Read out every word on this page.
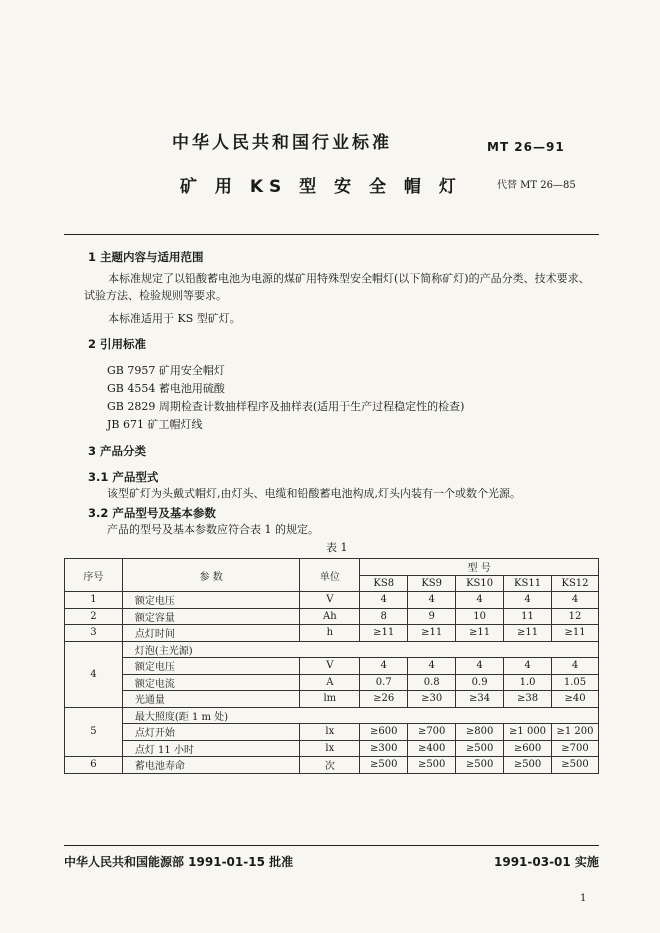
中华人民共和国行业标准	MT 26—91
矿 用 KS 型 安 全 帽 灯	代替 MT 26—85
1 主题内容与适用范围
本标准规定了以铅酸蓄电池为电源的煤矿用特殊型安全帽灯(以下简称矿灯)的产品分类、技术要求、试验方法、检验规则等要求。
本标准适用于 KS 型矿灯。
2 引用标准
GB 7957 矿用安全帽灯
GB 4554 蓄电池用硫酸
GB 2829 周期检查计数抽样程序及抽样表(适用于生产过程稳定性的检查)
JB 671 矿工帽灯线
3 产品分类
3.1 产品型式
该型矿灯为头戴式帽灯,由灯头、电缆和铅酸蓄电池构成,灯头内装有一个或数个光源。
3.2 产品型号及基本参数
产品的型号及基本参数应符合表 1 的规定。
表 1
序号	参 数	单位	型 号				
			KS8	KS9	KS10	KS11	KS12
1	额定电压	V	4	4	4	4	4
2	额定容量	Ah	8	9	10	11	12
3	点灯时间	h	≥11	≥11	≥11	≥11	≥11
4	灯泡(主光源)						
	额定电压	V	4	4	4	4	4
	额定电流	A	0.7	0.8	0.9	1.0	1.05
	光通量	lm	≥26	≥30	≥34	≥38	≥40
5	最大照度(距 1 m 处)						
	点灯开始	lx	≥600	≥700	≥800	≥1 000	≥1 200
	点灯 11 小时	lx	≥300	≥400	≥500	≥600	≥700
6	蓄电池寿命	次	≥500	≥500	≥500	≥500	≥500
中华人民共和国能源部 1991-01-15 批准	1991-03-01 实施
1
